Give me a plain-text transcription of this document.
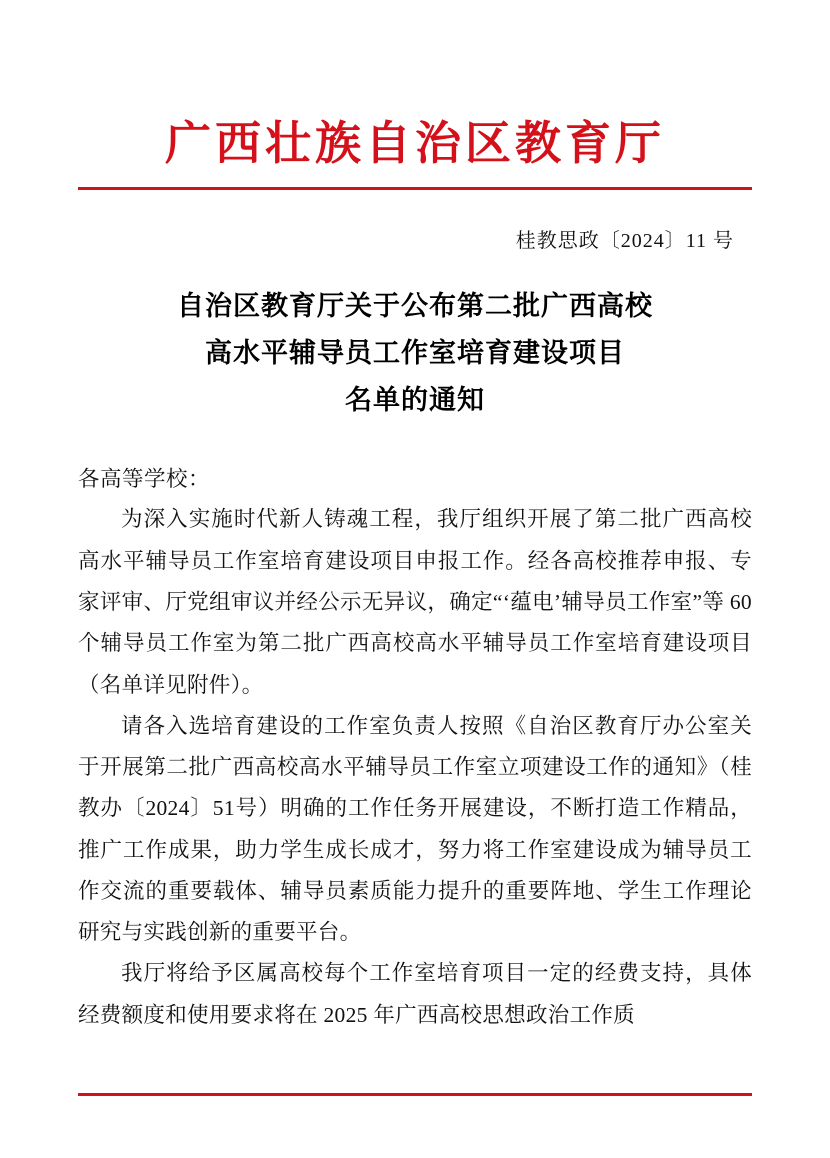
广西壮族自治区教育厅
桂教思政〔2024〕11 号
自治区教育厅关于公布第二批广西高校
高水平辅导员工作室培育建设项目
名单的通知
各高等学校：

为深入实施时代新人铸魂工程，我厅组织开展了第二批广西高校高水平辅导员工作室培育建设项目申报工作。经各高校推荐申报、专家评审、厅党组审议并经公示无异议，确定“‘蕴电’辅导员工作室”等 60 个辅导员工作室为第二批广西高校高水平辅导员工作室培育建设项目（名单详见附件）。

请各入选培育建设的工作室负责人按照《自治区教育厅办公室关于开展第二批广西高校高水平辅导员工作室立项建设工作的通知》（桂教办〔2024〕51号）明确的工作任务开展建设，不断打造工作精品，推广工作成果，助力学生成长成才，努力将工作室建设成为辅导员工作交流的重要载体、辅导员素质能力提升的重要阵地、学生工作理论研究与实践创新的重要平台。

我厅将给予区属高校每个工作室培育项目一定的经费支持，具体经费额度和使用要求将在 2025 年广西高校思想政治工作质
